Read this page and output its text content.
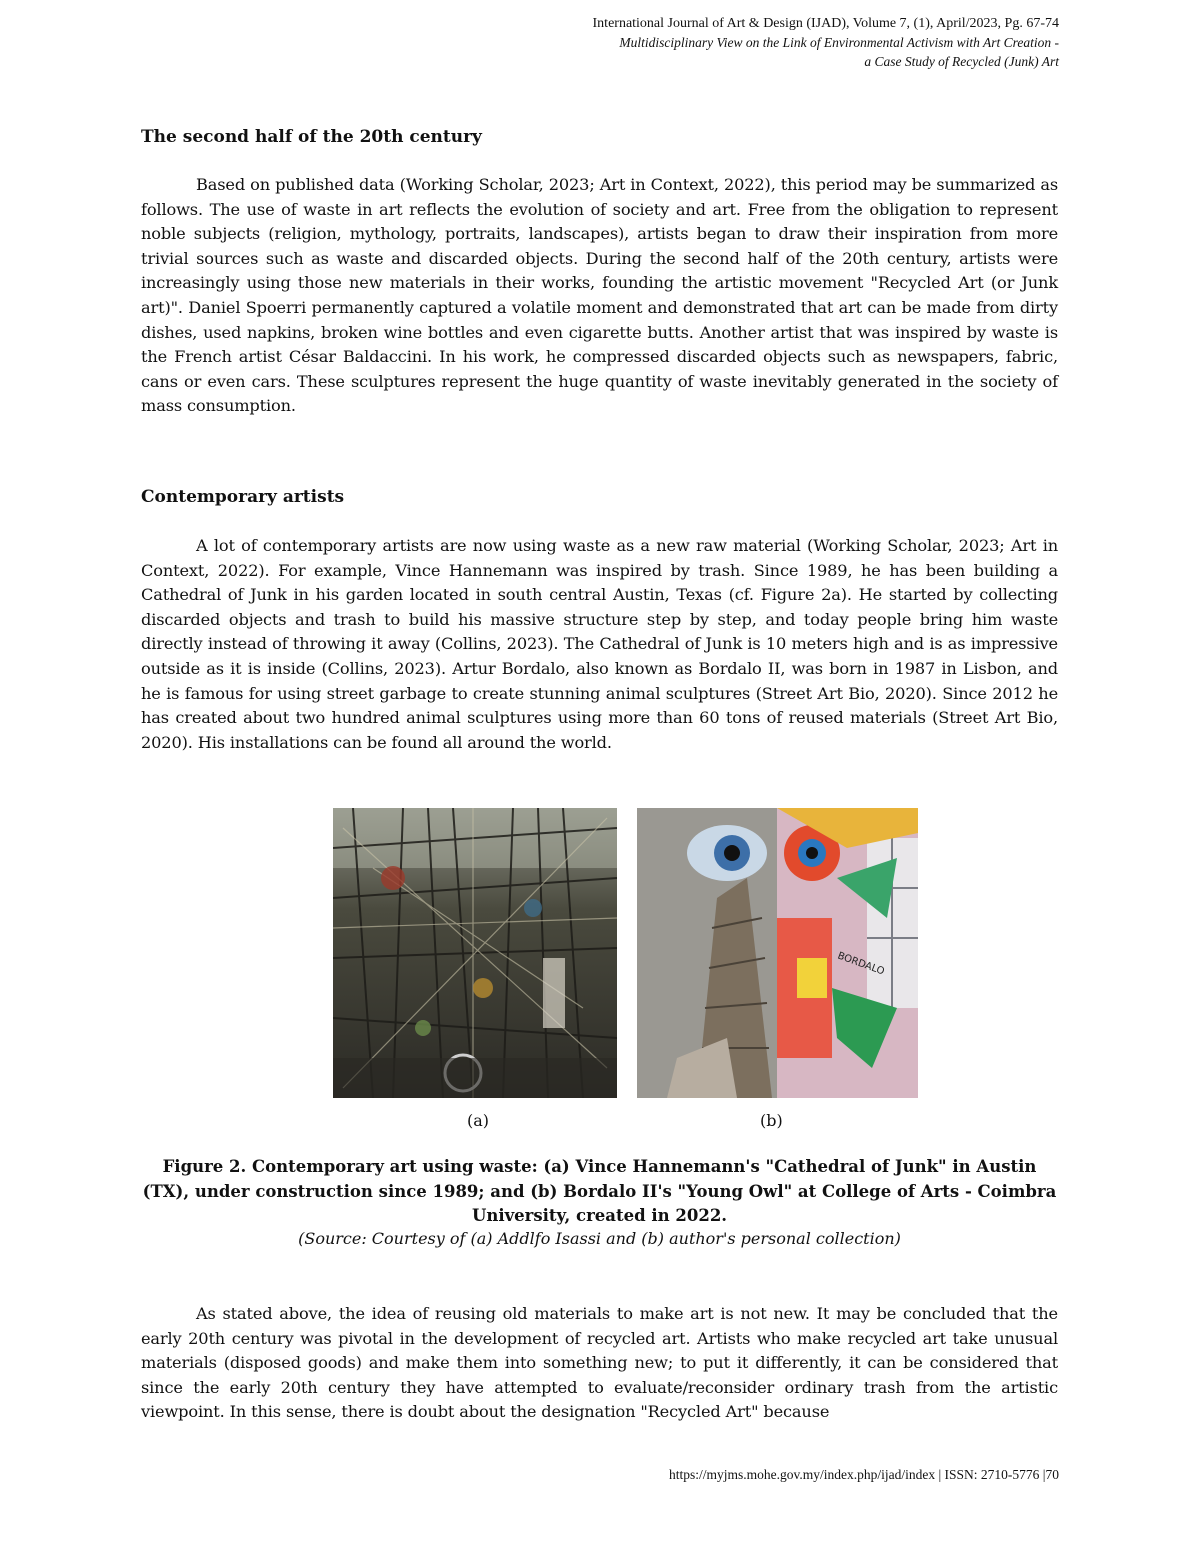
International Journal of Art & Design (IJAD), Volume 7, (1), April/2023, Pg. 67-74
Multidisciplinary View on the Link of Environmental Activism with Art Creation -
a Case Study of Recycled (Junk) Art
The second half of the 20th century

Based on published data (Working Scholar, 2023; Art in Context, 2022), this period may be summarized as follows. The use of waste in art reflects the evolution of society and art. Free from the obligation to represent noble subjects (religion, mythology, portraits, landscapes), artists began to draw their inspiration from more trivial sources such as waste and discarded objects. During the second half of the 20th century, artists were increasingly using those new materials in their works, founding the artistic movement "Recycled Art (or Junk art)". Daniel Spoerri permanently captured a volatile moment and demonstrated that art can be made from dirty dishes, used napkins, broken wine bottles and even cigarette butts. Another artist that was inspired by waste is the French artist César Baldaccini. In his work, he compressed discarded objects such as newspapers, fabric, cans or even cars. These sculptures represent the huge quantity of waste inevitably generated in the society of mass consumption.

Contemporary artists

A lot of contemporary artists are now using waste as a new raw material (Working Scholar, 2023; Art in Context, 2022). For example, Vince Hannemann was inspired by trash. Since 1989, he has been building a Cathedral of Junk in his garden located in south central Austin, Texas (cf. Figure 2a). He started by collecting discarded objects and trash to build his massive structure step by step, and today people bring him waste directly instead of throwing it away (Collins, 2023). The Cathedral of Junk is 10 meters high and is as impressive outside as it is inside (Collins, 2023). Artur Bordalo, also known as Bordalo II, was born in 1987 in Lisbon, and he is famous for using street garbage to create stunning animal sculptures (Street Art Bio, 2020). Since 2012 he has created about two hundred animal sculptures using more than 60 tons of reused materials (Street Art Bio, 2020). His installations can be found all around the world.

BORDALO
(a)	(b)

Figure 2. Contemporary art using waste: (a) Vince Hannemann's "Cathedral of Junk" in Austin (TX), under construction since 1989; and (b) Bordalo II's "Young Owl" at College of Arts - Coimbra University, created in 2022.

(Source: Courtesy of (a) Addlfo Isassi and (b) author's personal collection)

As stated above, the idea of reusing old materials to make art is not new. It may be concluded that the early 20th century was pivotal in the development of recycled art. Artists who make recycled art take unusual materials (disposed goods) and make them into something new; to put it differently, it can be considered that since the early 20th century they have attempted to evaluate/reconsider ordinary trash from the artistic viewpoint. In this sense, there is doubt about the designation "Recycled Art" because

https://myjms.mohe.gov.my/index.php/ijad/index | ISSN: 2710-5776 |70
